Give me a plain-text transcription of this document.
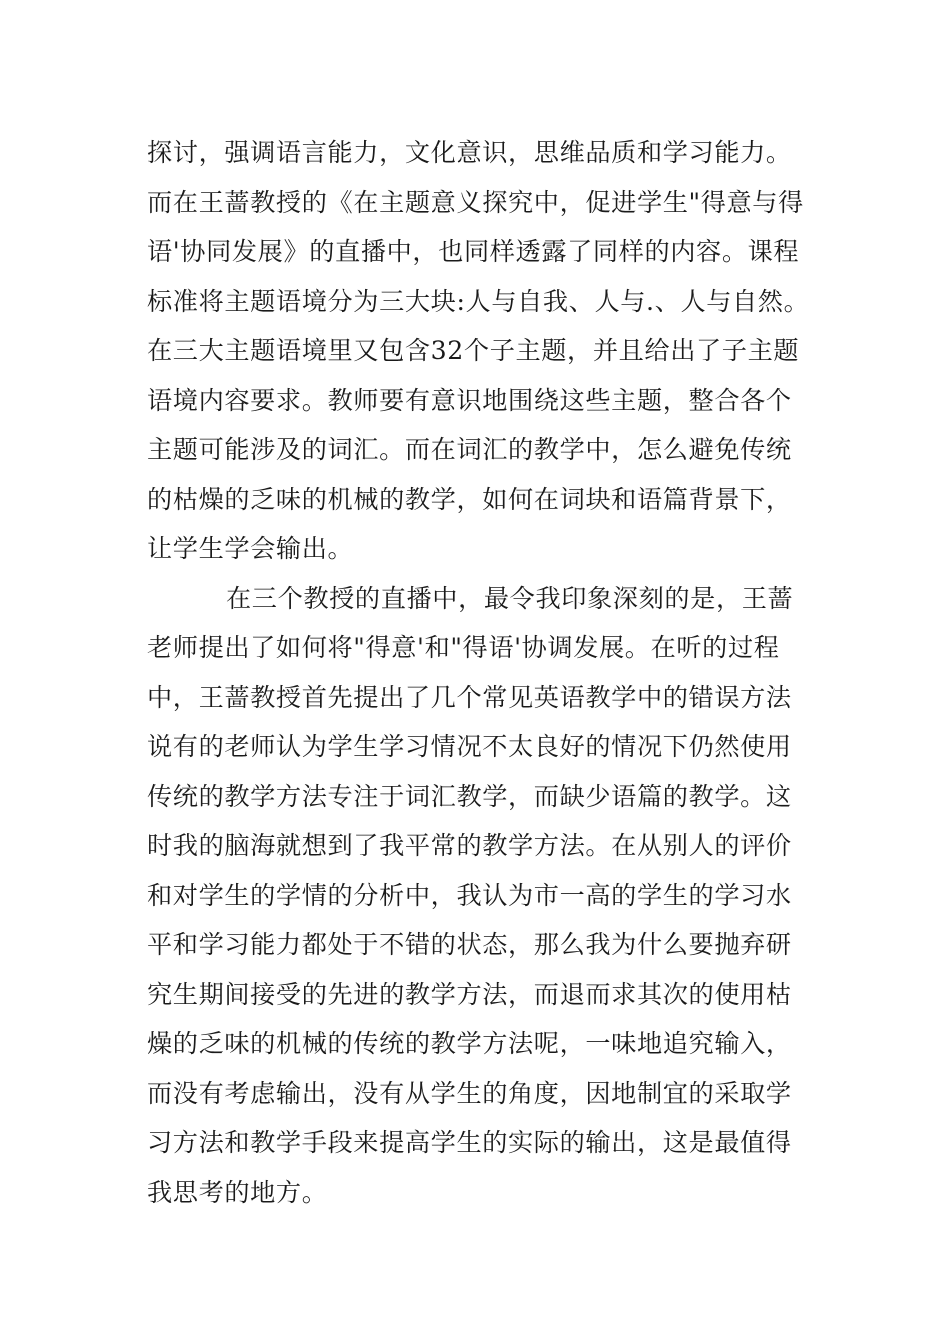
探讨，强调语言能力，文化意识，思维品质和学习能力。
而在王蔷教授的《在主题意义探究中，促进学生"得意与得
语'协同发展》的直播中，也同样透露了同样的内容。课程
标准将主题语境分为三大块:人与自我、人与.、人与自然。
在三大主题语境里又包含32个子主题，并且给出了子主题
语境内容要求。教师要有意识地围绕这些主题，整合各个
主题可能涉及的词汇。而在词汇的教学中，怎么避免传统
的枯燥的乏味的机械的教学，如何在词块和语篇背景下，
让学生学会输出。
在三个教授的直播中，最令我印象深刻的是，王蔷
老师提出了如何将"得意'和"得语'协调发展。在听的过程
中，王蔷教授首先提出了几个常见英语教学中的错误方法
说有的老师认为学生学习情况不太良好的情况下仍然使用
传统的教学方法专注于词汇教学，而缺少语篇的教学。这
时我的脑海就想到了我平常的教学方法。在从别人的评价
和对学生的学情的分析中，我认为市一高的学生的学习水
平和学习能力都处于不错的状态，那么我为什么要抛弃研
究生期间接受的先进的教学方法，而退而求其次的使用枯
燥的乏味的机械的传统的教学方法呢，一味地追究输入，
而没有考虑输出，没有从学生的角度，因地制宜的采取学
习方法和教学手段来提高学生的实际的输出，这是最值得
我思考的地方。
